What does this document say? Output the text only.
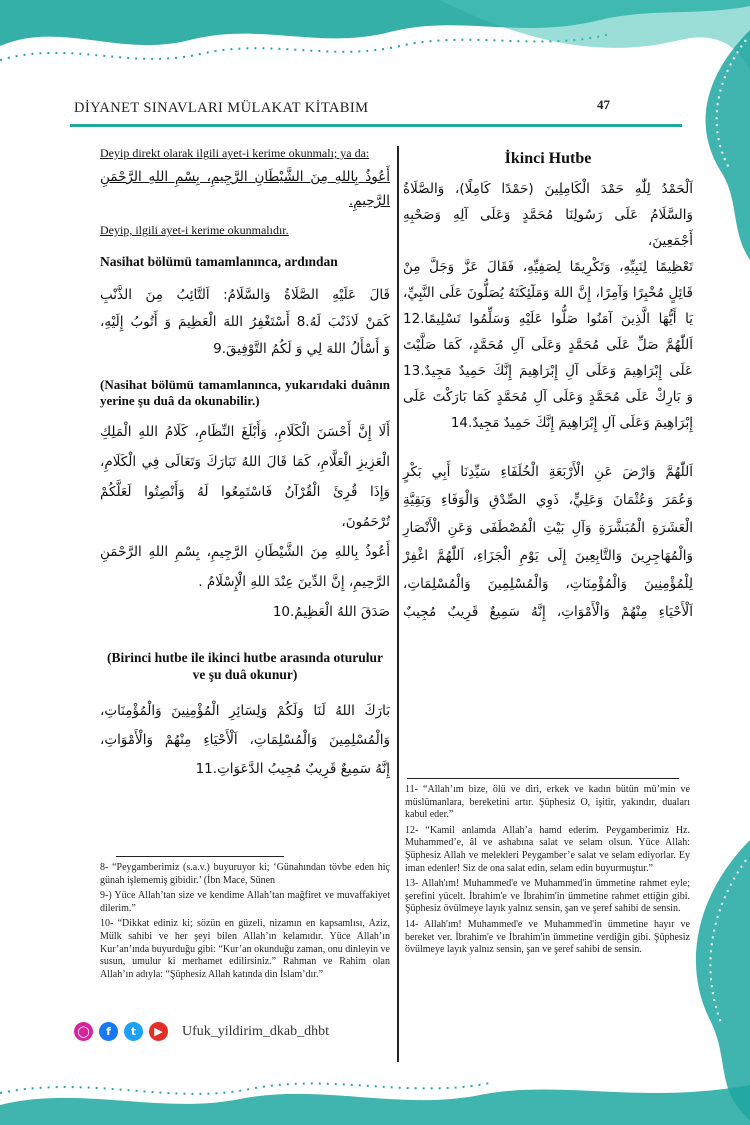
DİYANET SINAVLARI MÜLAKAT KİTABIM	47

Deyip direkt olarak ilgili ayet-i kerime okunmalı; ya da:

أَعُوذُ بِاللهِ مِنَ الشَّيْطَانِ الرَّجِيمِ، بِسْمِ اللهِ الرَّحْمَنِ

الرَّحِيمِ.

Deyip, ilgili ayet-i kerime okunmalıdır.

Nasihat bölümü tamamlanınca, ardından

قَالَ عَلَيْهِ الصَّلَاةُ وَالسَّلَامُ: اَلتَّائِبُ مِنَ الذَّنْبِ

كَمَنْ لَاذَنْبَ لَهُ.8 أَسْتَغْفِرُ اللهَ الْعَظِيمَ وَ أَتُوبُ إِلَيْهِ،

وَ أَسْأَلُ اللهَ لِي وَ لَكُمُ التَّوْفِيقَ.9

(Nasihat bölümü tamamlanınca, yukarıdaki duânın yerine şu duâ da okunabilir.)

أَلَا إِنَّ أَحْسَنَ الْكَلَامِ، وَأَبْلَغَ النِّظَامِ، كَلَامُ اللهِ الْمَلِكِ

الْعَزِيزِ الْعَلَّامِ، كَمَا قَالَ اللهُ تَبَارَكَ وَتَعَالَى فِي الْكَلَامِ،

وَإِذَا قُرِئَ الْقُرْآنُ فَاسْتَمِعُوا لَهُ وَأَنْصِتُوا لَعَلَّكُمْ تُرْحَمُونَ،

أَعُوذُ بِاللهِ مِنَ الشَّيْطَانِ الرَّجِيمِ، بِسْمِ اللهِ الرَّحْمَنِ

الرَّحِيمِ، إِنَّ الدِّينَ عِنْدَ اللهِ الْإِسْلَامُ .

صَدَقَ اللهُ الْعَظِيمُ.10

(Birinci hutbe ile ikinci hutbe arasında oturulur ve şu duâ okunur)

بَارَكَ اللهُ لَنَا وَلَكُمْ وَلِسَائِرِ الْمُؤْمِنِينَ وَالْمُؤْمِنَاتِ،

وَالْمُسْلِمِينَ وَالْمُسْلِمَاتِ، اَلْأَحْيَاءِ مِنْهُمْ وَالْأَمْوَاتِ،

إِنَّهُ سَمِيعٌ قَرِيبٌ مُجِيبُ الدَّعَوَاتِ.11

8- “Peygamberimiz (s.a.v.) buyuruyor ki; ‘Günahından tövbe eden hiç günah işlememiş gibidir.’ (İbn Mace, Sünen

9-) Yüce Allah’tan size ve kendime Allah’tan mağfiret ve muvaffakiyet dilerim.”

10- “Dikkat ediniz ki; sözün en güzeli, nizamın en kapsamlısı, Aziz, Mülk sahibi ve her şeyi bilen Allah’ın kelamıdır. Yüce Allah’ın Kur’an’ında buyurduğu gibi: “Kur’an okunduğu zaman, onu dinleyin ve susun, umulur ki merhamet edilirsiniz.” Rahman ve Rahim olan Allah’ın adıyla: “Şüphesiz Allah katında din İslam’dır.”

İkinci Hutbe

اَلْحَمْدُ لِلّٰهِ حَمْدَ الْكَامِلِينَ (حَمْدًا كَامِلًا)، وَالصَّلَاةُ

وَالسَّلَامُ عَلَى رَسُولِنَا مُحَمَّدٍ وَعَلَى آلِهِ وَصَحْبِهِ أَجْمَعِينَ،

تَعْظِيمًا لِنَبِيِّهِ، وَتَكْرِيمًا لِصَفِيِّهِ، فَقَالَ عَزَّ وَجَلَّ مِنْ

قَائِلٍ مُخْبِرًا وَآمِرًا، إِنَّ اللهَ وَمَلَٓئِكَتَهُ يُصَلُّونَ عَلَى النَّبِيِّ،

يَا أَيُّهَا الَّذِينَ آمَنُوا صَلُّوا عَلَيْهِ وَسَلِّمُوا تَسْلِيمًا.12

اَللّٰهُمَّ صَلِّ عَلَى مُحَمَّدٍ وَعَلَى آلِ مُحَمَّدٍ، كَمَا صَلَّيْتَ

عَلَى إِبْرَاهِيمَ وَعَلَى آلِ إِبْرَاهِيمَ إِنَّكَ حَمِيدٌ مَجِيدٌ.13

وَ بَارِكْ عَلَى مُحَمَّدٍ وَعَلَى آلِ مُحَمَّدٍ كَمَا بَارَكْتَ عَلَى

إِبْرَاهِيمَ وَعَلَى آلِ إِبْرَاهِيمَ إِنَّكَ حَمِيدٌ مَجِيدٌ.14

اَللّٰهُمَّ وَارْضَ عَنِ الْأَرْبَعَةِ الْخُلَفَاءِ سَيِّدِنَا أَبِي بَكْرٍ

وَعُمَرَ وَعُثْمَانَ وَعَلِيٍّ، ذَوِي الصِّدْقِ وَالْوَفَاءِ وَبَقِيَّةِ

الْعَشَرَةِ الْمُبَشَّرَةِ وَآلِ بَيْتِ الْمُصْطَفَى وَعَنِ الْأَنْصَارِ

وَالْمُهَاجِرِينَ وَالتَّابِعِينَ إِلَى يَوْمِ الْجَزَاءِ، اَللّٰهُمَّ اغْفِرْ

لِلْمُؤْمِنِينَ وَالْمُؤْمِنَاتِ، وَالْمُسْلِمِينَ وَالْمُسْلِمَاتِ،

اَلْأَحْيَاءِ مِنْهُمْ وَالْأَمْوَاتِ، إِنَّهُ سَمِيعٌ قَرِيبٌ مُجِيبٌ

11- “Allah’ım bize, ölü ve diri, erkek ve kadın bütün mü’min ve müslümanlara, bereketini artır. Şüphesiz O, işitir, yakındır, duaları kabul eder.”

12- “Kamil anlamda Allah’a hamd ederim. Peygamberimiz Hz. Muhammed’e, âl ve ashabına salat ve selam olsun. Yüce Allah: Şüphesiz Allah ve melekleri Peygamber’e salat ve selam ediyorlar. Ey iman edenler! Siz de ona salat edin, selam edin buyurmuştur.”

13- Allah'ım! Muhammed'e ve Muhammed'in ümmetine rahmet eyle; şerefini yücelt. İbrahim'e ve İbrahim'in ümmetine rahmet ettiğin gibi. Şüphesiz övülmeye layık yalnız sensin, şan ve şeref sahibi de sensin.

14- Allah'ım! Muhammed'e ve Muhammed'in ümmetine hayır ve bereket ver. İbrahim'e ve İbrahim'in ümmetine verdiğin gibi. Şüphesiz övülmeye layık yalnız sensin, şan ve şeref sahibi de sensin.

◯	f	t	▶	Ufuk_yildirim_dkab_dhbt
